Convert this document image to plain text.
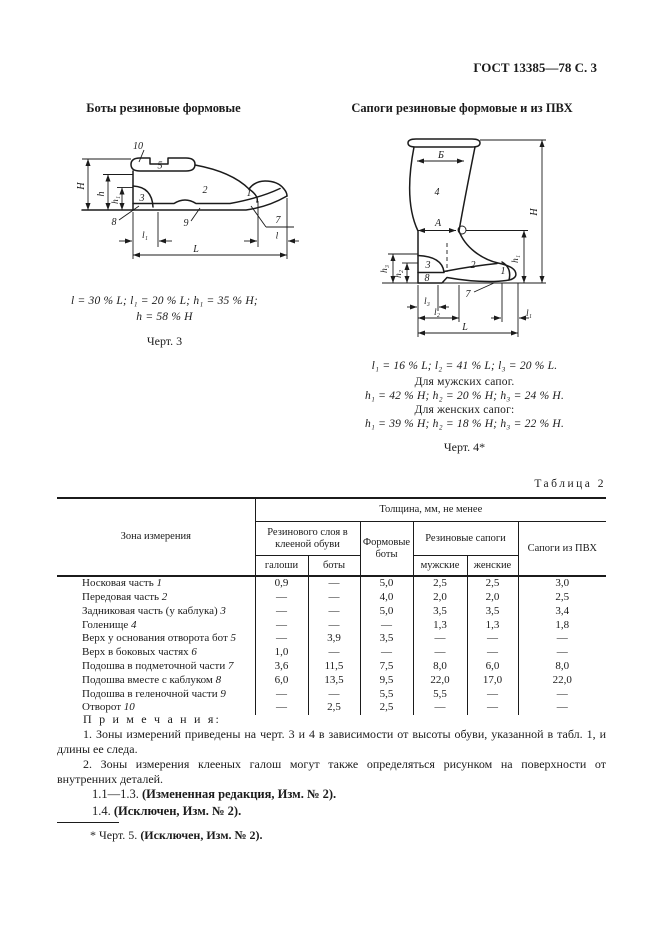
ГОСТ 13385—78 С. 3
Боты резиновые формовые	Сапоги резиновые формовые и из ПВХ
10
5
2
3	1
8	9	7
l₁	l
L
H
h
h₁
l = 30 % L; l₁ = 20 % L; h₁ = 35 % H;
h = 58 % H
Черт. 3
Б
4
А
3
8
2
1
7
l₃
l₂	l₁
L
H
h₁
h₂
h₃
l₁ = 16 % L; l₂ = 41 % L; l₃ = 20 % L.
Для мужских сапог.
h₁ = 42 % H; h₂ = 20 % H; h₃ = 24 % H.
Для женских сапог:
h₁ = 39 % H; h₂ = 18 % H; h₃ = 22 % H.
Черт. 4*
Таблица 2
Зона измерения	Толщина, мм, не менее					
	Резинового слоя в клееной обуви		Формовые боты	Резиновые сапоги		Сапоги из ПВХ
	галоши	боты		мужские	женские	
Носковая часть 1	0,9	—	5,0	2,5	2,5	3,0
Передовая часть 2	—	—	4,0	2,0	2,0	2,5
Задниковая часть (у каблука) 3	—	—	5,0	3,5	3,5	3,4
Голенище 4	—	—	—	1,3	1,3	1,8
Верх у основания отворота бот 5	—	3,9	3,5	—	—	—
Верх в боковых частях 6	1,0	—	—	—	—	—
Подошва в подметочной части 7	3,6	11,5	7,5	8,0	6,0	8,0
Подошва вместе с каблуком 8	6,0	13,5	9,5	22,0	17,0	22,0
Подошва в геленочной части 9	—	—	5,5	5,5	—	—
Отворот 10	—	2,5	2,5	—	—	—

П р и м е ч а н и я:

1. Зоны измерений приведены на черт. 3 и 4 в зависимости от высоты обуви, указанной в табл. 1, и длины ее следа.

2. Зоны измерения клееных галош могут также определяться рисунком на поверхности от внутренних деталей.

1.1—1.3. (Измененная редакция, Изм. № 2).
1.4. (Исключен, Изм. № 2).
* Черт. 5. (Исключен, Изм. № 2).
